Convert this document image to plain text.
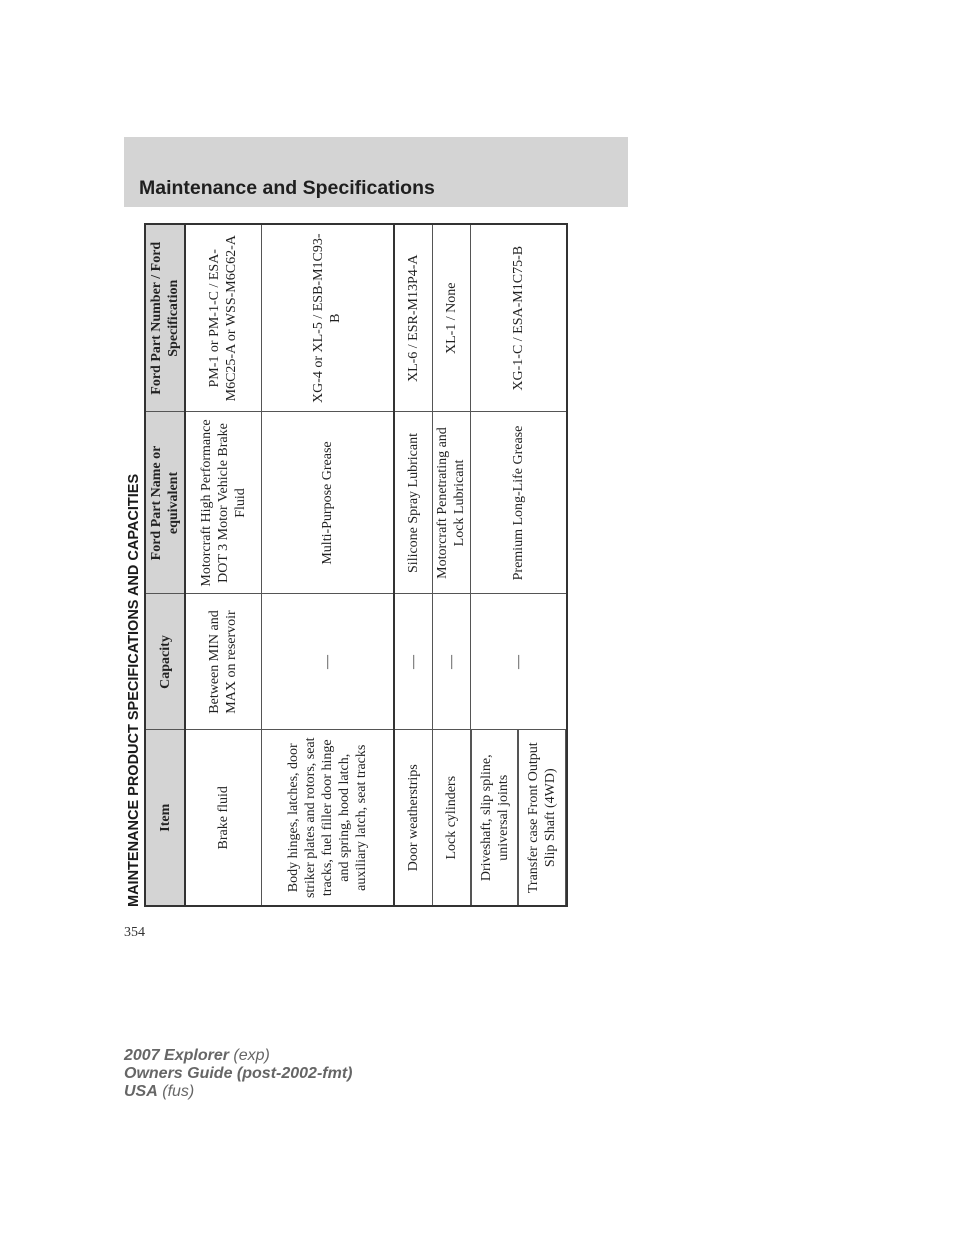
Maintenance and Specifications
MAINTENANCE PRODUCT SPECIFICATIONS AND CAPACITIES Item	Capacity	Ford Part Name or equivalent	Ford Part Number / Ford Specification
Brake fluid	Between MIN and MAX on reservoir	Motorcraft High Performance DOT 3 Motor Vehicle Brake Fluid	PM-1 or PM-1-C / ESA-M6C25-A or WSS-M6C62-A
Body hinges, latches, door striker plates and rotors, seat tracks, fuel filler door hinge and spring, hood latch, auxiliary latch, seat tracks	—	Multi-Purpose Grease	XG-4 or XL-5 / ESB-M1C93-B
Door weatherstrips	—	Silicone Spray Lubricant	XL-6 / ESR-M13P4-A
Lock cylinders	—	Motorcraft Penetrating and Lock Lubricant	XL-1 / None

Driveshaft, slip spline, universal joints Transfer case Front Output Slip Shaft (4WD)	—	Premium Long-Life Grease	XG-1-C / ESA-M1C75-B
354
2007 Explorer (exp)
Owners Guide (post-2002-fmt)
USA (fus)
